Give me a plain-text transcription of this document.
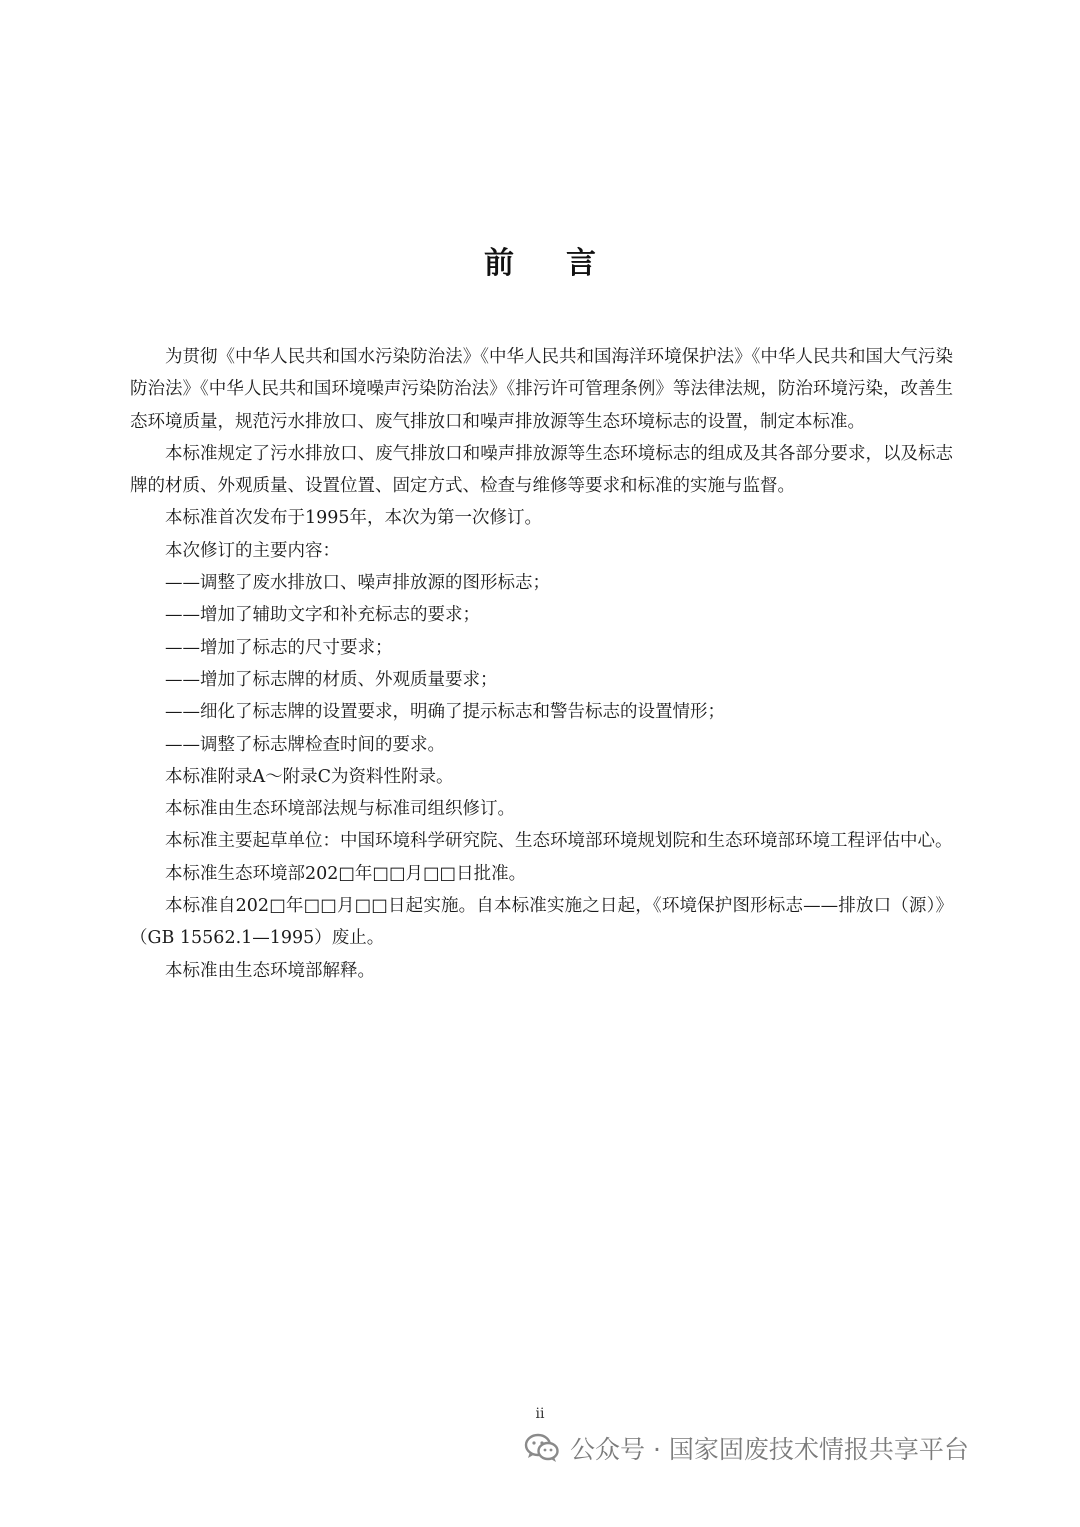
前言

为贯彻《中华人民共和国水污染防治法》《中华人民共和国海洋环境保护法》《中华人民共和国大气污染防治法》《中华人民共和国环境噪声污染防治法》《排污许可管理条例》等法律法规，防治环境污染，改善生态环境质量，规范污水排放口、废气排放口和噪声排放源等生态环境标志的设置，制定本标准。

本标准规定了污水排放口、废气排放口和噪声排放源等生态环境标志的组成及其各部分要求，以及标志牌的材质、外观质量、设置位置、固定方式、检查与维修等要求和标准的实施与监督。

本标准首次发布于1995年，本次为第一次修订。

本次修订的主要内容：

——调整了废水排放口、噪声排放源的图形标志；

——增加了辅助文字和补充标志的要求；

——增加了标志的尺寸要求；

——增加了标志牌的材质、外观质量要求；

——细化了标志牌的设置要求，明确了提示标志和警告标志的设置情形；

——调整了标志牌检查时间的要求。

本标准附录A～附录C为资料性附录。

本标准由生态环境部法规与标准司组织修订。

本标准主要起草单位：中国环境科学研究院、生态环境部环境规划院和生态环境部环境工程评估中心。

本标准生态环境部202□年□□月□□日批准。

本标准自202□年□□月□□日起实施。自本标准实施之日起，《环境保护图形标志——排放口（源）》（GB 15562.1—1995）废止。

本标准由生态环境部解释。

ii
公众号 · 国家固废技术情报共享平台
